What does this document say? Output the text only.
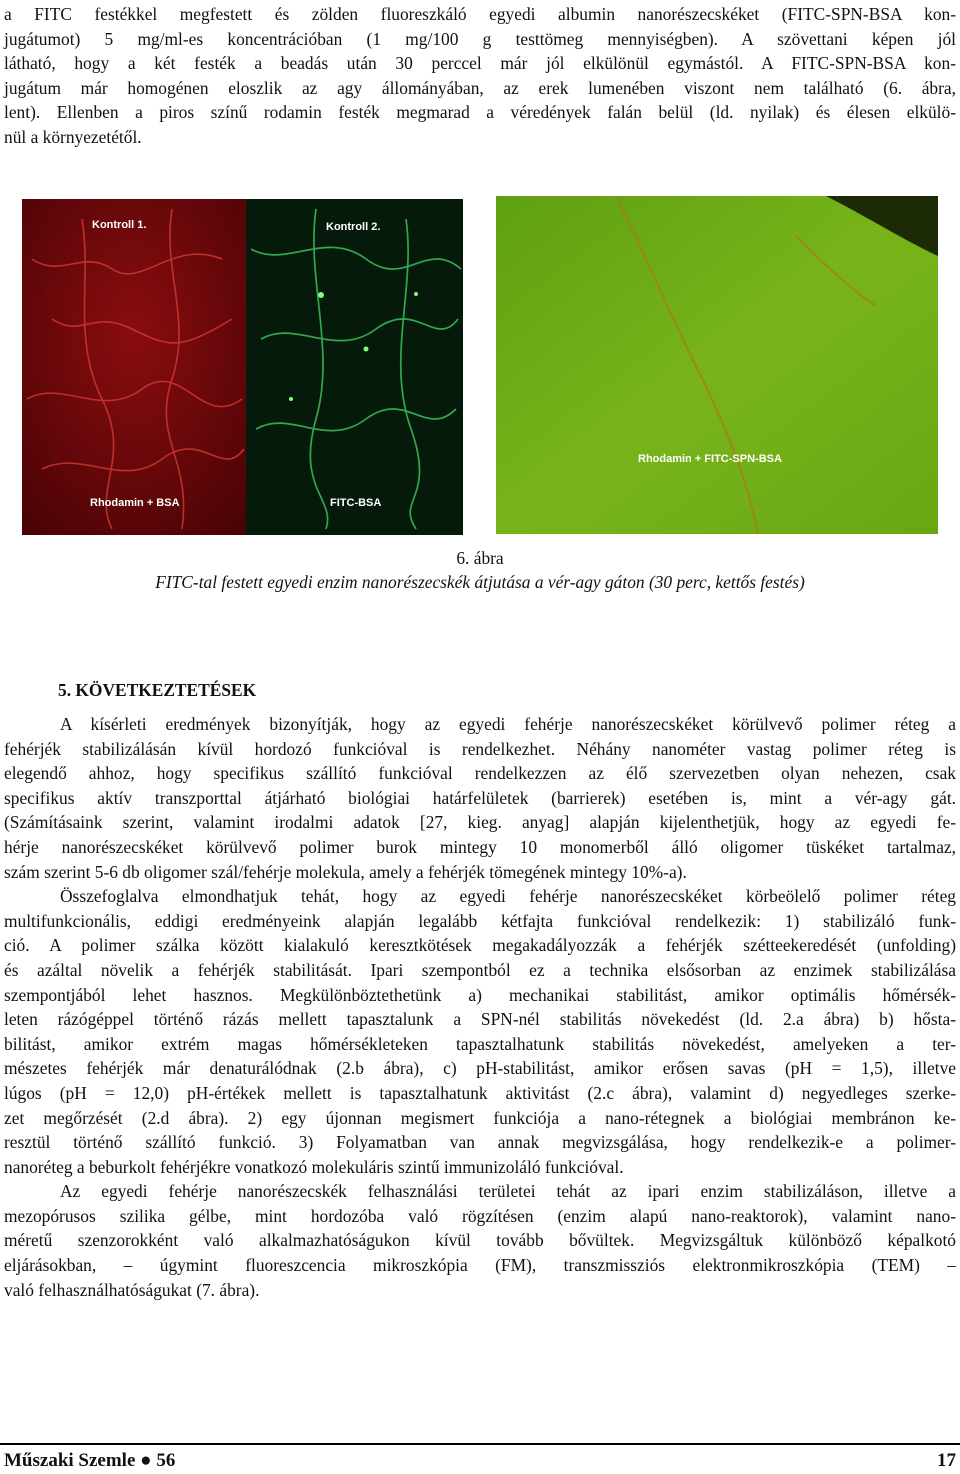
a FITC festékkel megfestett és zölden fluoreszkáló egyedi albumin nanorészecskéket (FITC-SPN-BSA kon-
jugátumot) 5 mg/ml-es koncentrációban (1 mg/100 g testtömeg mennyiségben). A szövettani képen jól
látható, hogy a két festék a beadás után 30 perccel már jól elkülönül egymástól. A FITC-SPN-BSA kon-
jugátum már homogénen eloszlik az agy állományában, az erek lumenében viszont nem található (6. ábra,
lent). Ellenben a piros színű rodamin festék megmarad a véredények falán belül (ld. nyilak) és élesen elkülö-
nül a környezetétől.
Kontroll 1.
Rhodamin + BSA
Kontroll 2.
FITC-BSA
Rhodamin + FITC-SPN-BSA
6. ábra
FITC-tal festett egyedi enzim nanorészecskék átjutása a vér-agy gáton (30 perc, kettős festés)
5. KÖVETKEZTETÉSEK
A kísérleti eredmények bizonyítják, hogy az egyedi fehérje nanorészecskéket körülvevő polimer réteg a
fehérjék stabilizálásán kívül hordozó funkcióval is rendelkezhet. Néhány nanométer vastag polimer réteg is
elegendő ahhoz, hogy specifikus szállító funkcióval rendelkezzen az élő szervezetben olyan nehezen, csak
specifikus aktív transzporttal átjárható biológiai határfelületek (barrierek) esetében is, mint a vér-agy gát.
(Számításaink szerint, valamint irodalmi adatok [27, kieg. anyag] alapján kijelenthetjük, hogy az egyedi fe-
hérje nanorészecskéket körülvevő polimer burok mintegy 10 monomerből álló oligomer tüskéket tartalmaz,
szám szerint 5-6 db oligomer szál/fehérje molekula, amely a fehérjék tömegének mintegy 10%-a).
Összefoglalva elmondhatjuk tehát, hogy az egyedi fehérje nanorészecskéket körbeölelő polimer réteg
multifunkcionális, eddigi eredményeink alapján legalább kétfajta funkcióval rendelkezik: 1) stabilizáló funk-
ció. A polimer szálka között kialakuló keresztkötések megakadályozzák a fehérjék szétteekeredését (unfolding)
és azáltal növelik a fehérjék stabilitását. Ipari szempontból ez a technika elsősorban az enzimek stabilizálása
szempontjából lehet hasznos. Megkülönböztethetünk a) mechanikai stabilitást, amikor optimális hőmérsék-
leten rázógéppel történő rázás mellett tapasztalunk a SPN-nél stabilitás növekedést (ld. 2.a ábra) b) hősta-
bilitást, amikor extrém magas hőmérsékleteken tapasztalhatunk stabilitás növekedést, amelyeken a ter-
mészetes fehérjék már denaturálódnak (2.b ábra), c) pH-stabilitást, amikor erősen savas (pH = 1,5), illetve
lúgos (pH = 12,0) pH-értékek mellett is tapasztalhatunk aktivitást (2.c ábra), valamint d) negyedleges szerke-
zet megőrzését (2.d ábra). 2) egy újonnan megismert funkciója a nano-rétegnek a biológiai membránon ke-
resztül történő szállító funkció. 3) Folyamatban van annak megvizsgálása, hogy rendelkezik-e a polimer-
nanoréteg a beburkolt fehérjékre vonatkozó molekuláris szintű immunizoláló funkcióval.
Az egyedi fehérje nanorészecskék felhasználási területei tehát az ipari enzim stabilizáláson, illetve a
mezopórusos szilika gélbe, mint hordozóba való rögzítésen (enzim alapú nano-reaktorok), valamint nano-
méretű szenzorokként való alkalmazhatóságukon kívül tovább bővültek. Megvizsgáltuk különböző képalkotó
eljárásokban, – úgymint fluoreszcencia mikroszkópia (FM), transzmissziós elektronmikroszkópia (TEM) –
való felhasználhatóságukat (7. ábra).
Műszaki Szemle ● 56	17
